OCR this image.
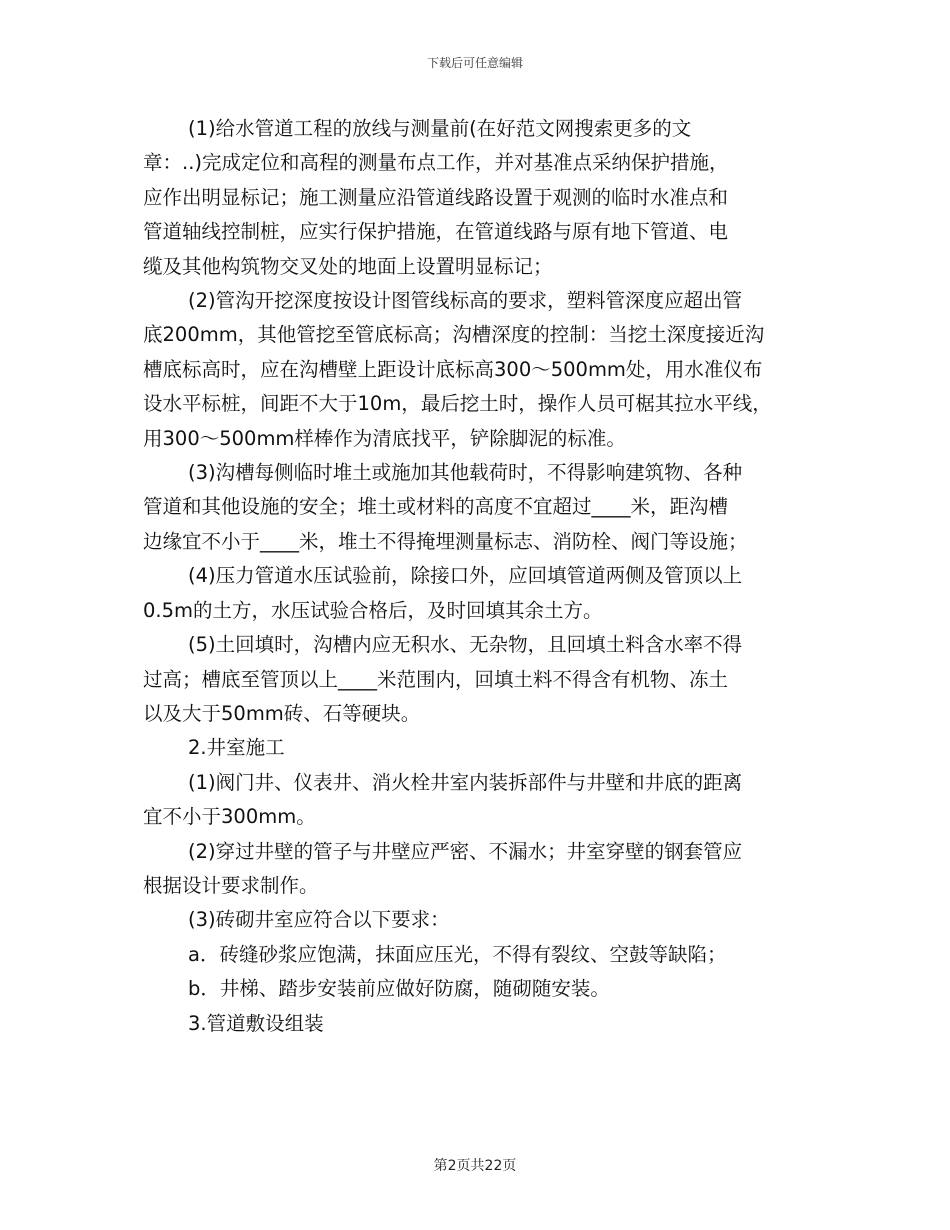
下载后可任意编辑

(1)给水管道工程的放线与测量前(在好范文网搜索更多的文

章：..)完成定位和高程的测量布点工作，并对基准点采纳保护措施，

应作出明显标记；施工测量应沿管道线路设置于观测的临时水准点和

管道轴线控制桩，应实行保护措施，在管道线路与原有地下管道、电

缆及其他构筑物交叉处的地面上设置明显标记；

(2)管沟开挖深度按设计图管线标高的要求，塑料管深度应超出管

底200mm，其他管挖至管底标高；沟槽深度的控制：当挖土深度接近沟

槽底标高时，应在沟槽壁上距设计底标高300～500mm处，用水准仪布

设水平标桩，间距不大于10m，最后挖土时，操作人员可椐其拉水平线，

用300～500mm样棒作为清底找平，铲除脚泥的标准。

(3)沟槽每侧临时堆土或施加其他载荷时，不得影响建筑物、各种

管道和其他设施的安全；堆土或材料的高度不宜超过____米，距沟槽

边缘宜不小于____米，堆土不得掩埋测量标志、消防栓、阀门等设施；

(4)压力管道水压试验前，除接口外，应回填管道两侧及管顶以上

0.5m的土方，水压试验合格后，及时回填其余土方。

(5)土回填时，沟槽内应无积水、无杂物，且回填土料含水率不得

过高；槽底至管顶以上____米范围内，回填土料不得含有机物、冻土

以及大于50mm砖、石等硬块。

2.井室施工

(1)阀门井、仪表井、消火栓井室内装拆部件与井壁和井底的距离

宜不小于300mm。

(2)穿过井壁的管子与井壁应严密、不漏水；井室穿壁的钢套管应

根据设计要求制作。

(3)砖砌井室应符合以下要求：

a．砖缝砂浆应饱满，抹面应压光，不得有裂纹、空鼓等缺陷；

b．井梯、踏步安装前应做好防腐，随砌随安装。

3.管道敷设组装

第2页共22页
